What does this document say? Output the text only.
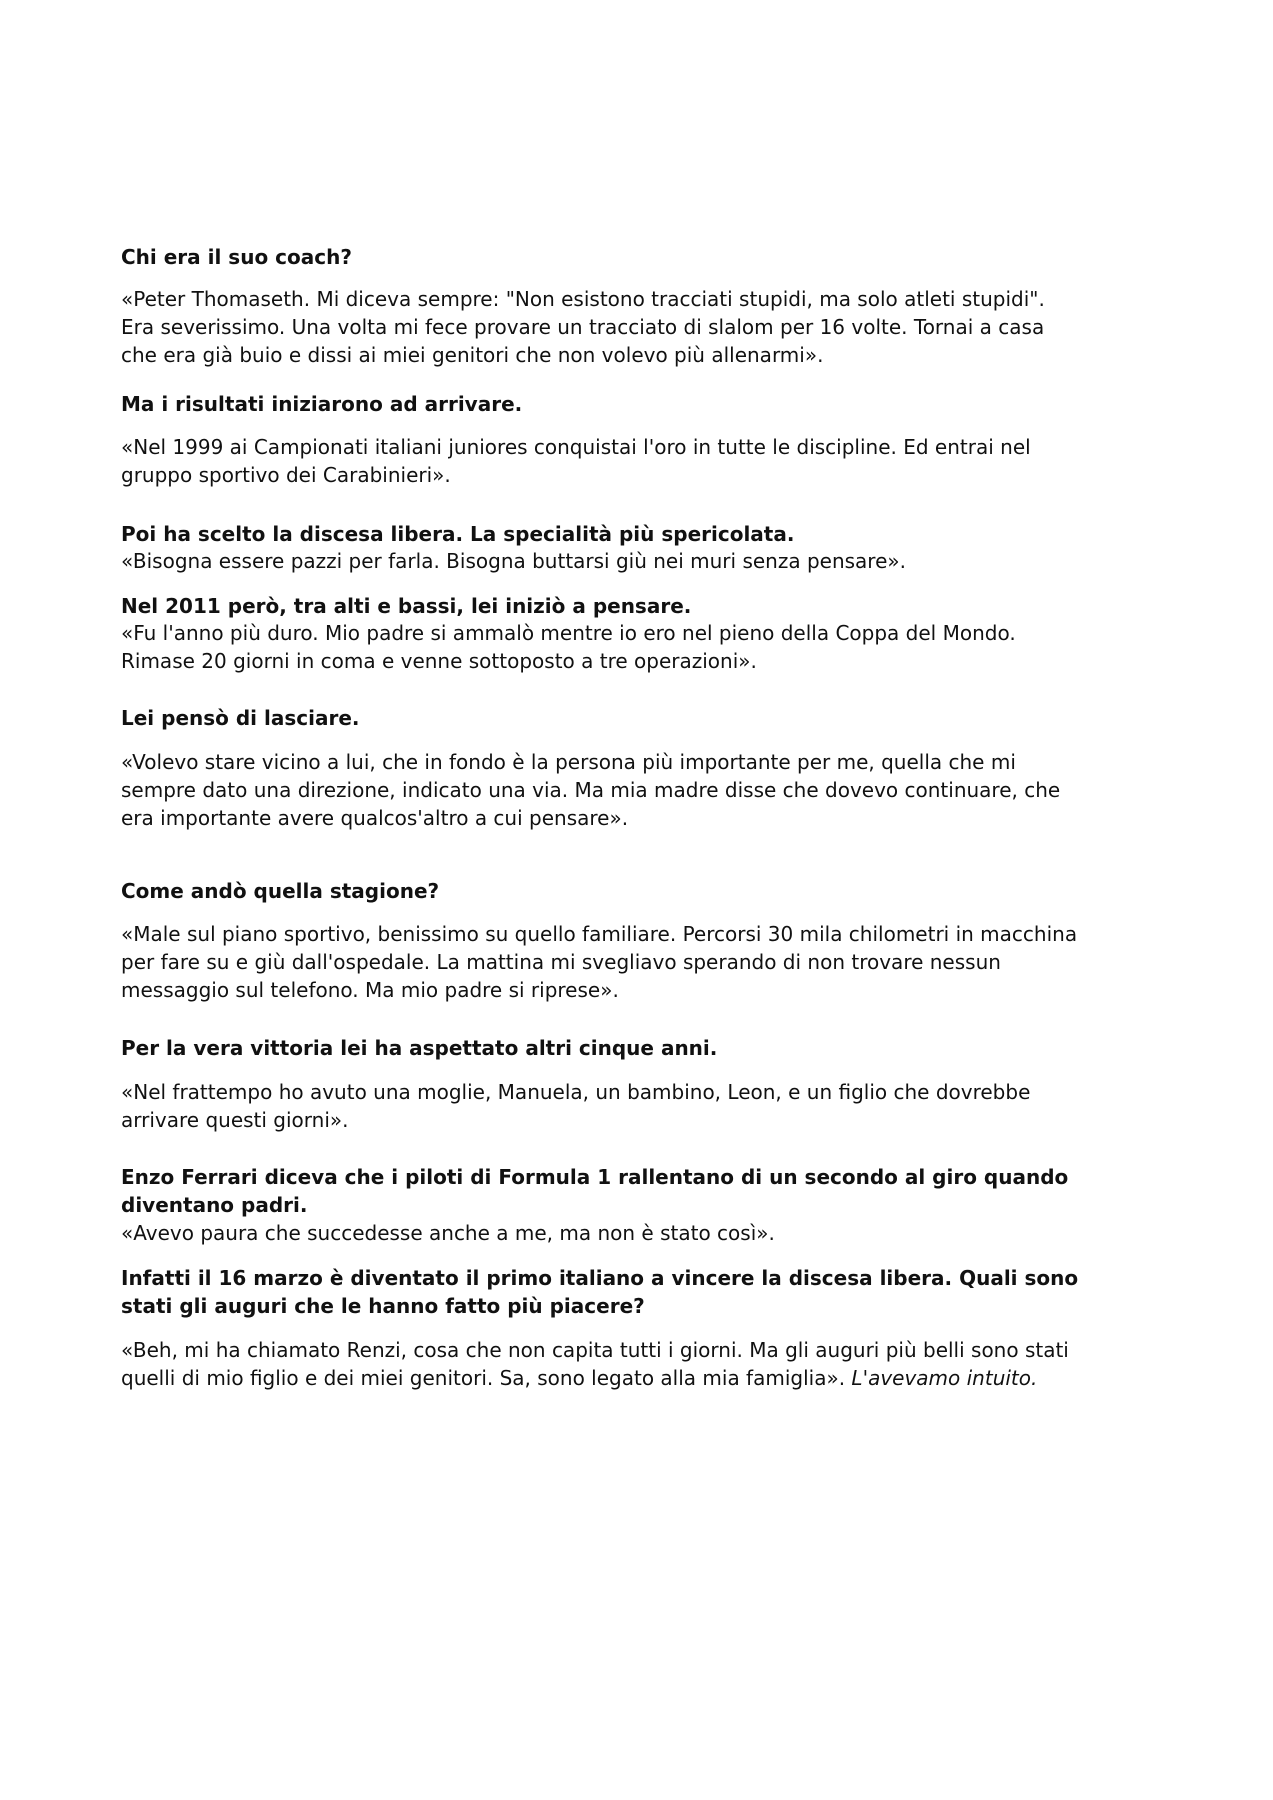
Chi era il suo coach?

«Peter Thomaseth. Mi diceva sempre: "Non esistono tracciati stupidi, ma solo atleti stupidi".
Era severissimo. Una volta mi fece provare un tracciato di slalom per 16 volte. Tornai a casa
che era già buio e dissi ai miei genitori che non volevo più allenarmi».

Ma i risultati iniziarono ad arrivare.

«Nel 1999 ai Campionati italiani juniores conquistai l'oro in tutte le discipline. Ed entrai nel
gruppo sportivo dei Carabinieri».

Poi ha scelto la discesa libera. La specialità più spericolata.

«Bisogna essere pazzi per farla. Bisogna buttarsi giù nei muri senza pensare».

Nel 2011 però, tra alti e bassi, lei iniziò a pensare.

«Fu l'anno più duro. Mio padre si ammalò mentre io ero nel pieno della Coppa del Mondo.
Rimase 20 giorni in coma e venne sottoposto a tre operazioni».

Lei pensò di lasciare.

«Volevo stare vicino a lui, che in fondo è la persona più importante per me, quella che mi
sempre dato una direzione, indicato una via. Ma mia madre disse che dovevo continuare, che
era importante avere qualcos'altro a cui pensare».

Come andò quella stagione?

«Male sul piano sportivo, benissimo su quello familiare. Percorsi 30 mila chilometri in macchina
per fare su e giù dall'ospedale. La mattina mi svegliavo sperando di non trovare nessun
messaggio sul telefono. Ma mio padre si riprese».

Per la vera vittoria lei ha aspettato altri cinque anni.

«Nel frattempo ho avuto una moglie, Manuela, un bambino, Leon, e un figlio che dovrebbe
arrivare questi giorni».

Enzo Ferrari diceva che i piloti di Formula 1 rallentano di un secondo al giro quando
diventano padri.

«Avevo paura che succedesse anche a me, ma non è stato così».

Infatti il 16 marzo è diventato il primo italiano a vincere la discesa libera. Quali sono
stati gli auguri che le hanno fatto più piacere?

«Beh, mi ha chiamato Renzi, cosa che non capita tutti i giorni. Ma gli auguri più belli sono stati
quelli di mio figlio e dei miei genitori. Sa, sono legato alla mia famiglia». L'avevamo intuito.
